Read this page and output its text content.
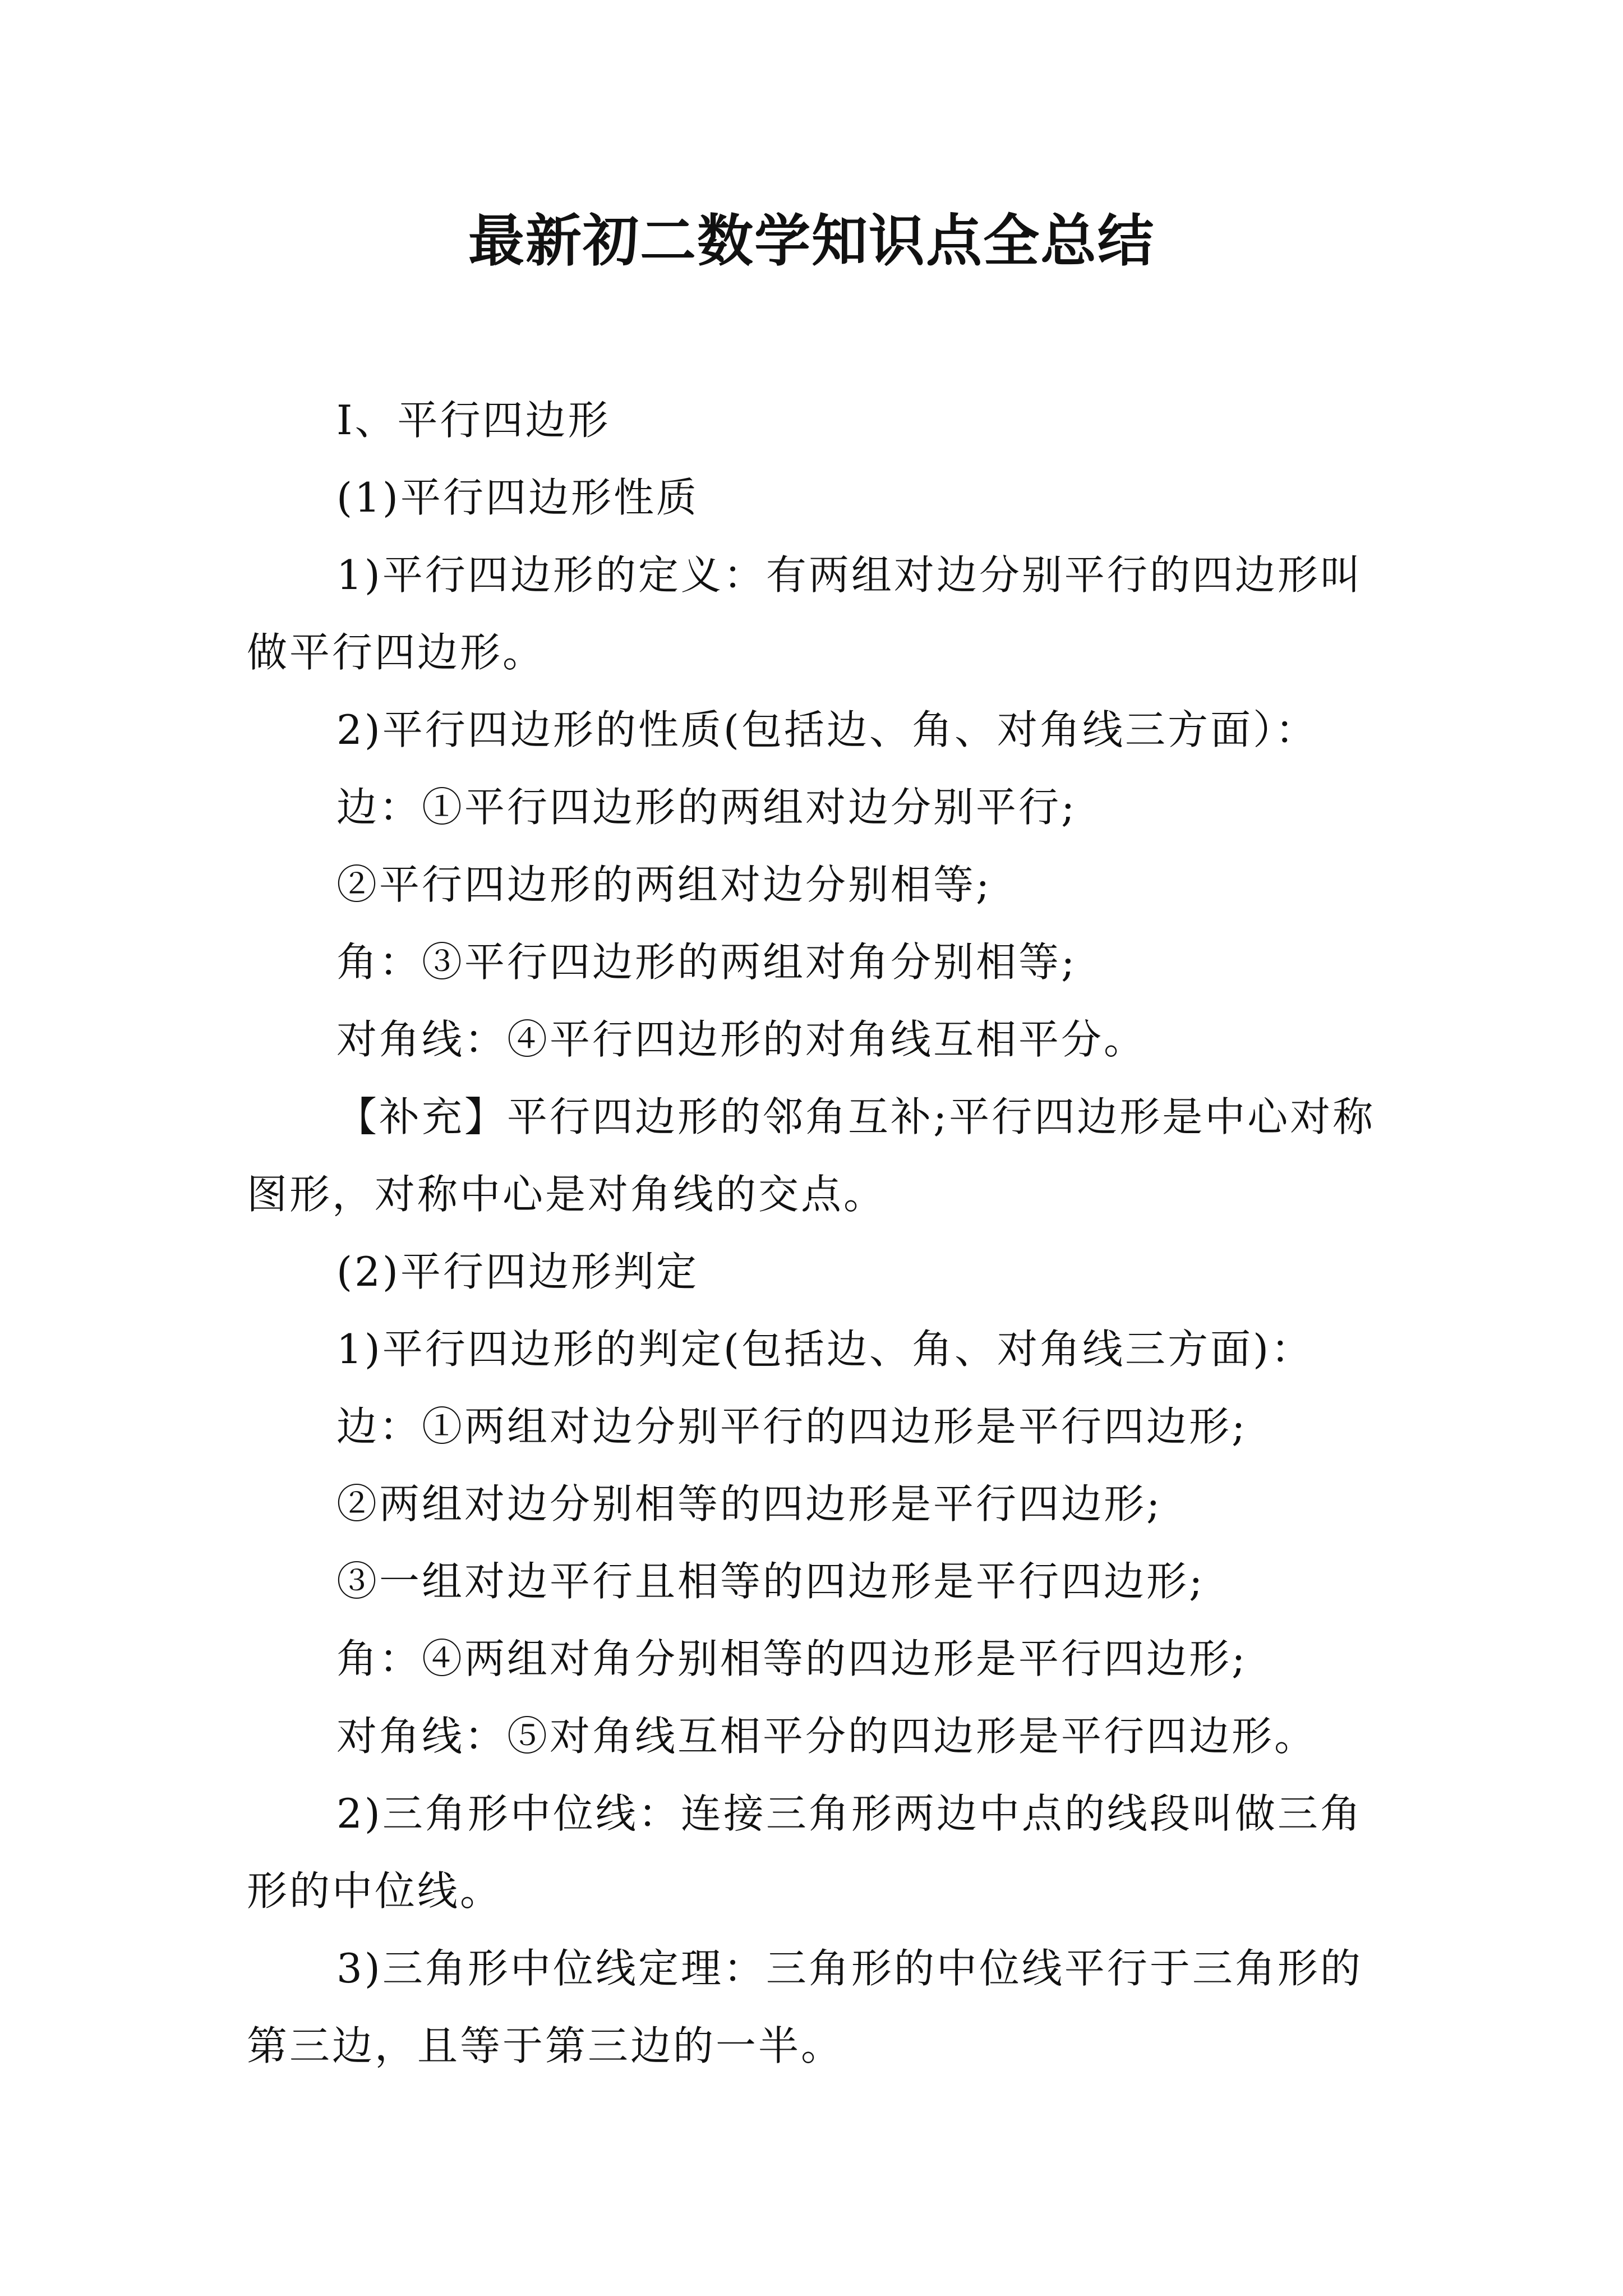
最新初二数学知识点全总结

Ⅰ、平行四边形

(1)平行四边形性质

1)平行四边形的定义：有两组对边分别平行的四边形叫做平行四边形。

2)平行四边形的性质(包括边、角、对角线三方面）：

边：①平行四边形的两组对边分别平行;

②平行四边形的两组对边分别相等;

角：③平行四边形的两组对角分别相等;

对角线：④平行四边形的对角线互相平分。

【补充】平行四边形的邻角互补;平行四边形是中心对称图形，对称中心是对角线的交点。

(2)平行四边形判定

1)平行四边形的判定(包括边、角、对角线三方面)：

边：①两组对边分别平行的四边形是平行四边形;

②两组对边分别相等的四边形是平行四边形;

③一组对边平行且相等的四边形是平行四边形;

角：④两组对角分别相等的四边形是平行四边形;

对角线：⑤对角线互相平分的四边形是平行四边形。

2)三角形中位线：连接三角形两边中点的线段叫做三角形的中位线。

3)三角形中位线定理：三角形的中位线平行于三角形的第三边，且等于第三边的一半。
